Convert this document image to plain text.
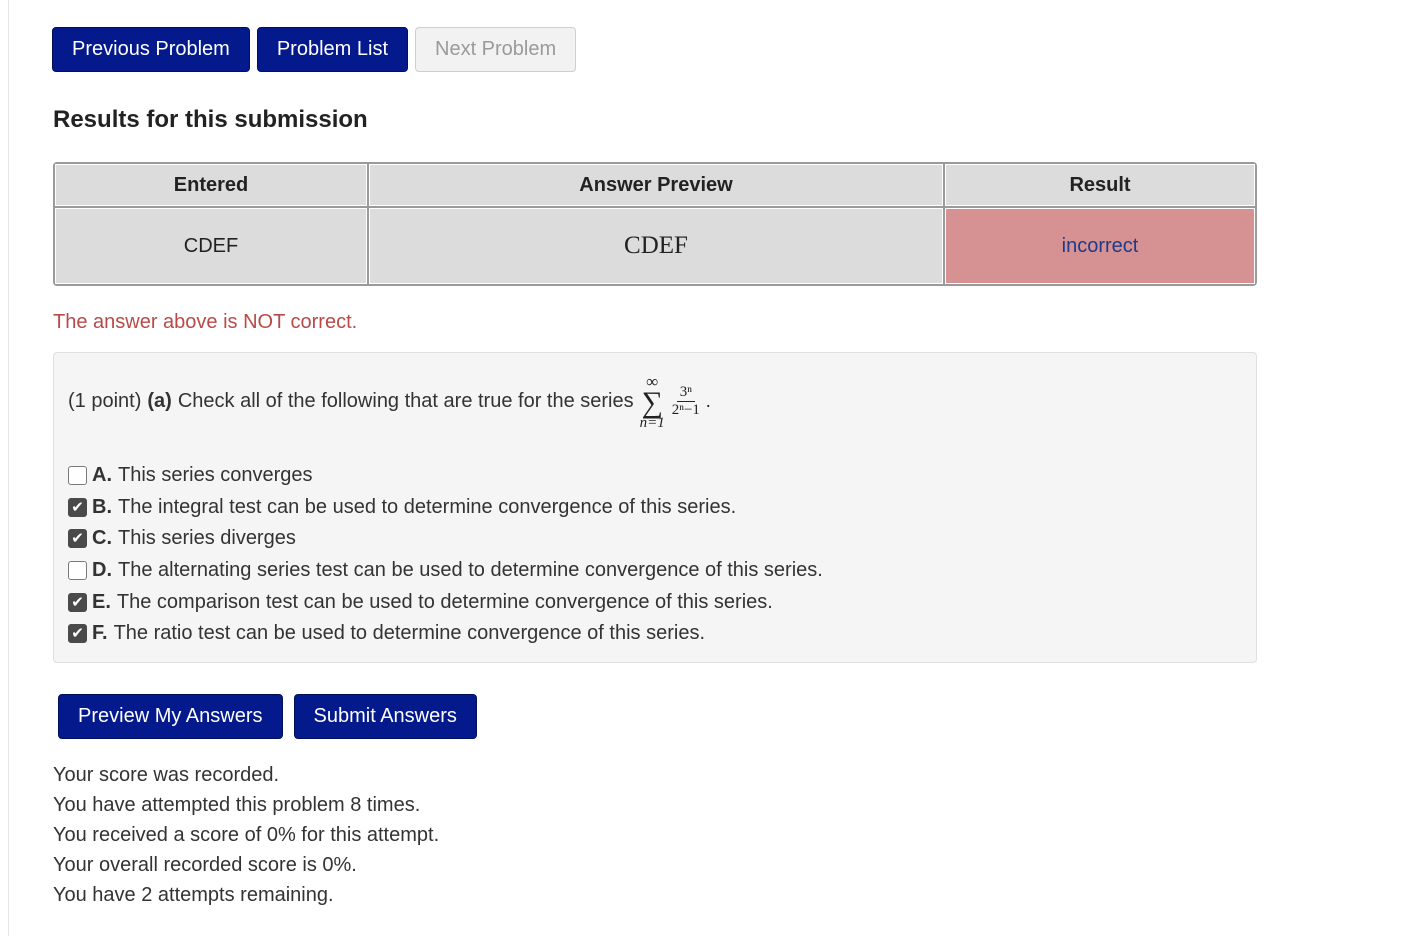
Previous Problem	Problem List	Next Problem
Results for this submission
Entered	Answer Preview	Result
CDEF	CDEF	incorrect
The answer above is NOT correct.
(1 point) (a) Check all of the following that are true for the series
∞
∑
n=1
$\frac{\text{3ⁿ}}{\text{2ⁿ−1}}$ .
A. This series converges
✔ B. The integral test can be used to determine convergence of this series.
✔ C. This series diverges
D. The alternating series test can be used to determine convergence of this series.
✔ E. The comparison test can be used to determine convergence of this series.
✔ F. The ratio test can be used to determine convergence of this series.
Preview My Answers	Submit Answers
Your score was recorded.
You have attempted this problem 8 times.
You received a score of 0% for this attempt.
Your overall recorded score is 0%.
You have 2 attempts remaining.
